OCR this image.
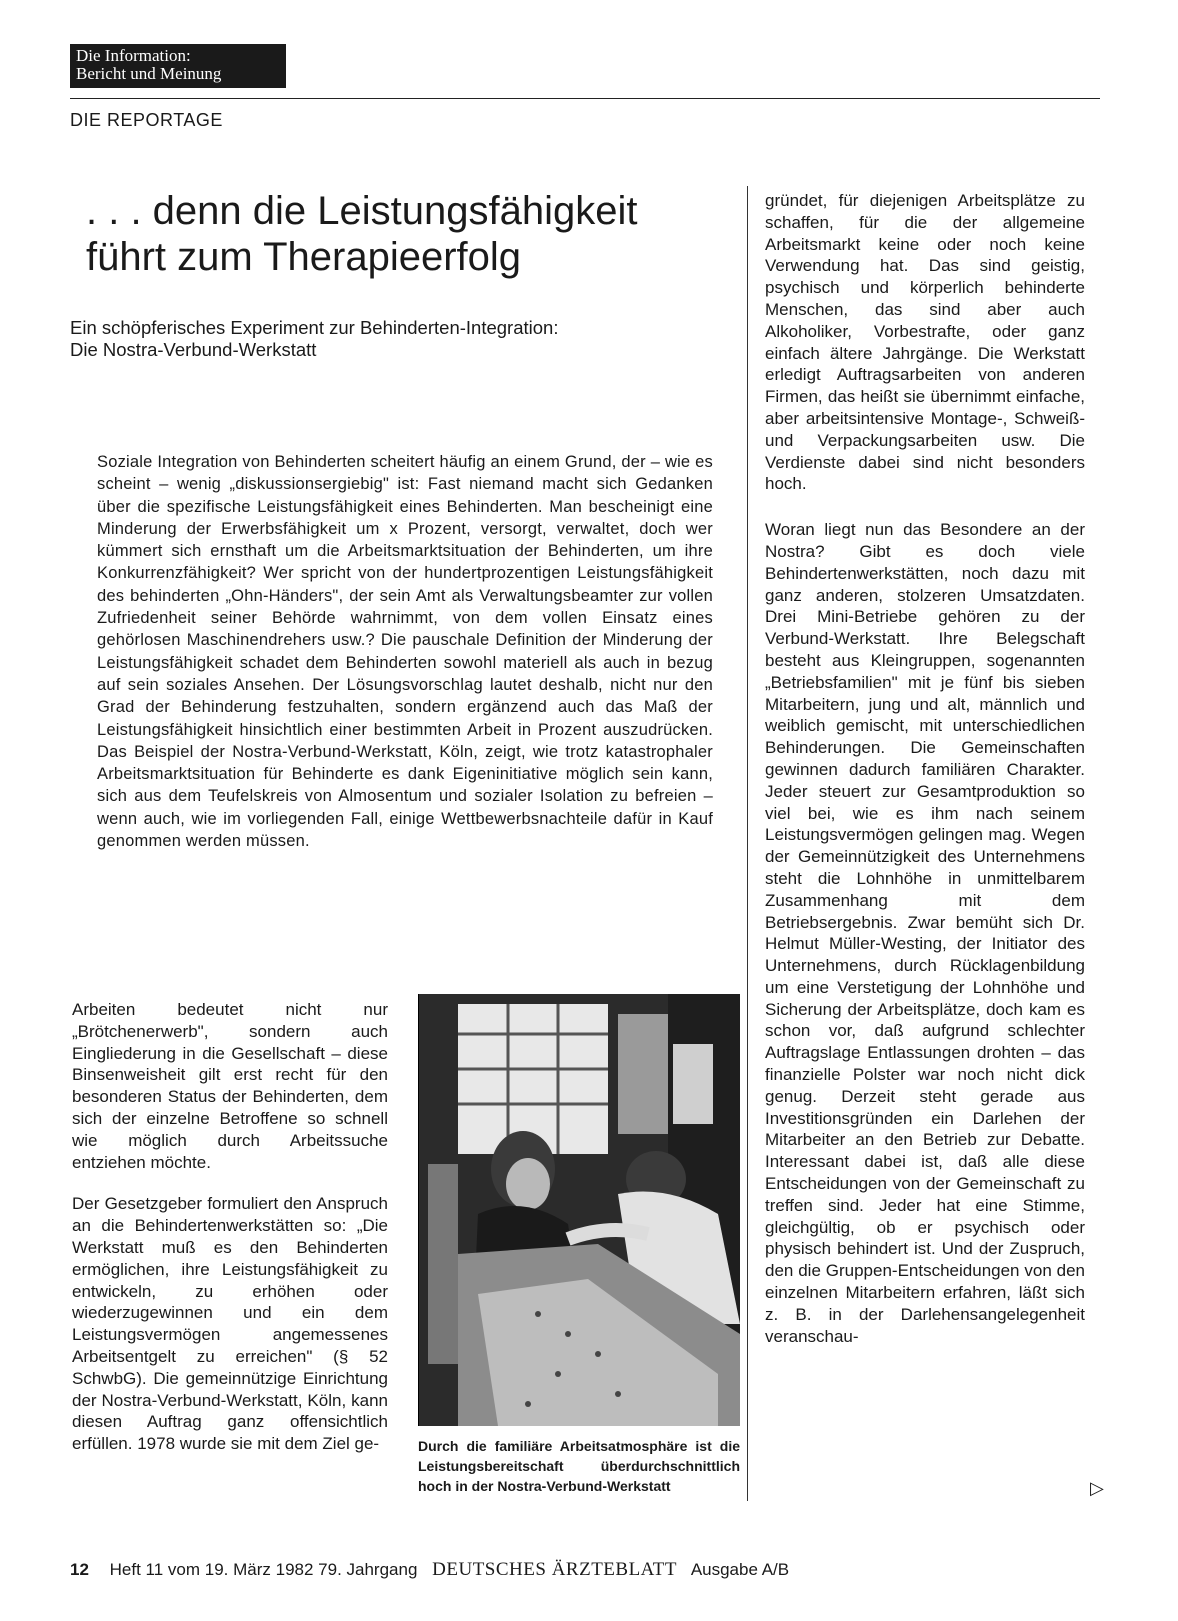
Die Information:
Bericht und Meinung
DIE REPORTAGE
. . . denn die Leistungsfähigkeit
führt zum Therapieerfolg
Ein schöpferisches Experiment zur Behinderten-Integration:
Die Nostra-Verbund-Werkstatt
Soziale Integration von Behinderten scheitert häufig an einem Grund, der – wie es scheint – wenig „diskussionsergiebig" ist: Fast niemand macht sich Gedanken über die spezifische Leistungsfähigkeit eines Behinderten. Man bescheinigt eine Minderung der Erwerbsfähigkeit um x Prozent, versorgt, verwaltet, doch wer kümmert sich ernsthaft um die Arbeitsmarktsituation der Behinderten, um ihre Konkurrenzfähigkeit? Wer spricht von der hundertprozentigen Leistungsfähigkeit des behinderten „Ohn-Händers", der sein Amt als Verwaltungsbeamter zur vollen Zufriedenheit seiner Behörde wahrnimmt, von dem vollen Einsatz eines gehörlosen Maschinendrehers usw.? Die pauschale Definition der Minderung der Leistungsfähigkeit schadet dem Behinderten sowohl materiell als auch in bezug auf sein soziales Ansehen. Der Lösungsvorschlag lautet deshalb, nicht nur den Grad der Behinderung festzuhalten, sondern ergänzend auch das Maß der Leistungsfähigkeit hinsichtlich einer bestimmten Arbeit in Prozent auszudrücken. Das Beispiel der Nostra-Verbund-Werkstatt, Köln, zeigt, wie trotz katastrophaler Arbeitsmarktsituation für Behinderte es dank Eigeninitiative möglich sein kann, sich aus dem Teufelskreis von Almosentum und sozialer Isolation zu befreien – wenn auch, wie im vorliegenden Fall, einige Wettbewerbsnachteile dafür in Kauf genommen werden müssen.

Arbeiten bedeutet nicht nur „Brötchenerwerb", sondern auch Eingliederung in die Gesellschaft – diese Binsenweisheit gilt erst recht für den besonderen Status der Behinderten, dem sich der einzelne Betroffene so schnell wie möglich durch Arbeitssuche entziehen möchte.

Der Gesetzgeber formuliert den Anspruch an die Behindertenwerkstätten so: „Die Werkstatt muß es den Behinderten ermöglichen, ihre Leistungsfähigkeit zu entwickeln, zu erhöhen oder wiederzugewinnen und ein dem Leistungsvermögen angemessenes Arbeitsentgelt zu erreichen" (§ 52 SchwbG). Die gemeinnützige Einrichtung der Nostra-Verbund-Werkstatt, Köln, kann diesen Auftrag ganz offensichtlich erfüllen. 1978 wurde sie mit dem Ziel ge-	Durch die familiäre Arbeitsatmosphäre ist die Leistungsbereitschaft überdurchschnittlich hoch in der Nostra-Verbund-Werkstatt

gründet, für diejenigen Arbeitsplätze zu schaffen, für die der allgemeine Arbeitsmarkt keine oder noch keine Verwendung hat. Das sind geistig, psychisch und körperlich behinderte Menschen, das sind aber auch Alkoholiker, Vorbestrafte, oder ganz einfach ältere Jahrgänge. Die Werkstatt erledigt Auftragsarbeiten von anderen Firmen, das heißt sie übernimmt einfache, aber arbeitsintensive Montage-, Schweiß- und Verpackungsarbeiten usw. Die Verdienste dabei sind nicht besonders hoch.

Woran liegt nun das Besondere an der Nostra? Gibt es doch viele Behindertenwerkstätten, noch dazu mit ganz anderen, stolzeren Umsatzdaten. Drei Mini-Betriebe gehören zu der Verbund-Werkstatt. Ihre Belegschaft besteht aus Kleingruppen, sogenannten „Betriebsfamilien" mit je fünf bis sieben Mitarbeitern, jung und alt, männlich und weiblich gemischt, mit unterschiedlichen Behinderungen. Die Gemeinschaften gewinnen dadurch familiären Charakter. Jeder steuert zur Gesamtproduktion so viel bei, wie es ihm nach seinem Leistungsvermögen gelingen mag. Wegen der Gemeinnützigkeit des Unternehmens steht die Lohnhöhe in unmittelbarem Zusammenhang mit dem Betriebsergebnis. Zwar bemüht sich Dr. Helmut Müller-Westing, der Initiator des Unternehmens, durch Rücklagenbildung um eine Verstetigung der Lohnhöhe und Sicherung der Arbeitsplätze, doch kam es schon vor, daß aufgrund schlechter Auftragslage Entlassungen drohten – das finanzielle Polster war noch nicht dick genug. Derzeit steht gerade aus Investitionsgründen ein Darlehen der Mitarbeiter an den Betrieb zur Debatte. Interessant dabei ist, daß alle diese Entscheidungen von der Gemeinschaft zu treffen sind. Jeder hat eine Stimme, gleichgültig, ob er psychisch oder physisch behindert ist. Und der Zuspruch, den die Gruppen-Entscheidungen von den einzelnen Mitarbeitern erfahren, läßt sich z. B. in der Darlehensangelegenheit veranschau-

▷
12 Heft 11 vom 19. März 1982 79. Jahrgang DEUTSCHES ÄRZTEBLATT Ausgabe A/B
